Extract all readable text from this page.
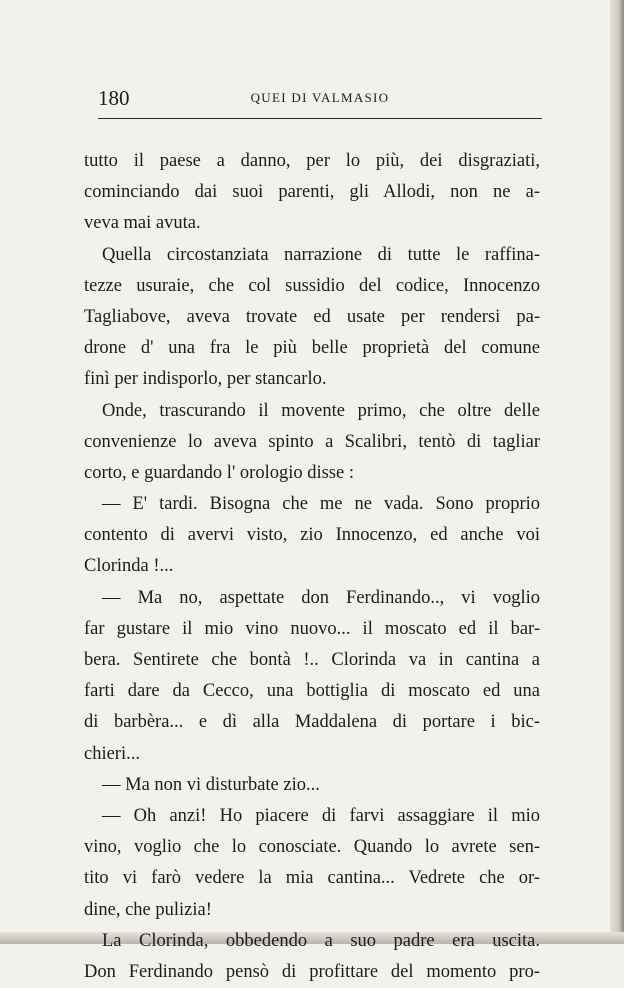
180	QUEI DI VALMASIO
tutto il paese a danno, per lo più, dei disgraziati,
cominciando dai suoi parenti, gli Allodi, non ne a-
veva mai avuta.
Quella circostanziata narrazione di tutte le raffina-
tezze usuraie, che col sussidio del codice, Innocenzo
Tagliabove, aveva trovate ed usate per rendersi pa-
drone d' una fra le più belle proprietà del comune
finì per indisporlo, per stancarlo.
Onde, trascurando il movente primo, che oltre delle
convenienze lo aveva spinto a Scalibri, tentò di tagliar
corto, e guardando l' orologio disse :
— E' tardi. Bisogna che me ne vada. Sono proprio
contento di avervi visto, zio Innocenzo, ed anche voi
Clorinda !...
— Ma no, aspettate don Ferdinando.., vi voglio
far gustare il mio vino nuovo... il moscato ed il bar-
bera. Sentirete che bontà !.. Clorinda va in cantina a
farti dare da Cecco, una bottiglia di moscato ed una
di barbèra... e dì alla Maddalena di portare i bic-
chieri...
— Ma non vi disturbate zio...
— Oh anzi! Ho piacere di farvi assaggiare il mio
vino, voglio che lo conosciate. Quando lo avrete sen-
tito vi farò vedere la mia cantina... Vedrete che or-
dine, che pulizia!
La Clorinda, obbedendo a suo padre era uscita.
Don Ferdinando pensò di profittare del momento pro-
